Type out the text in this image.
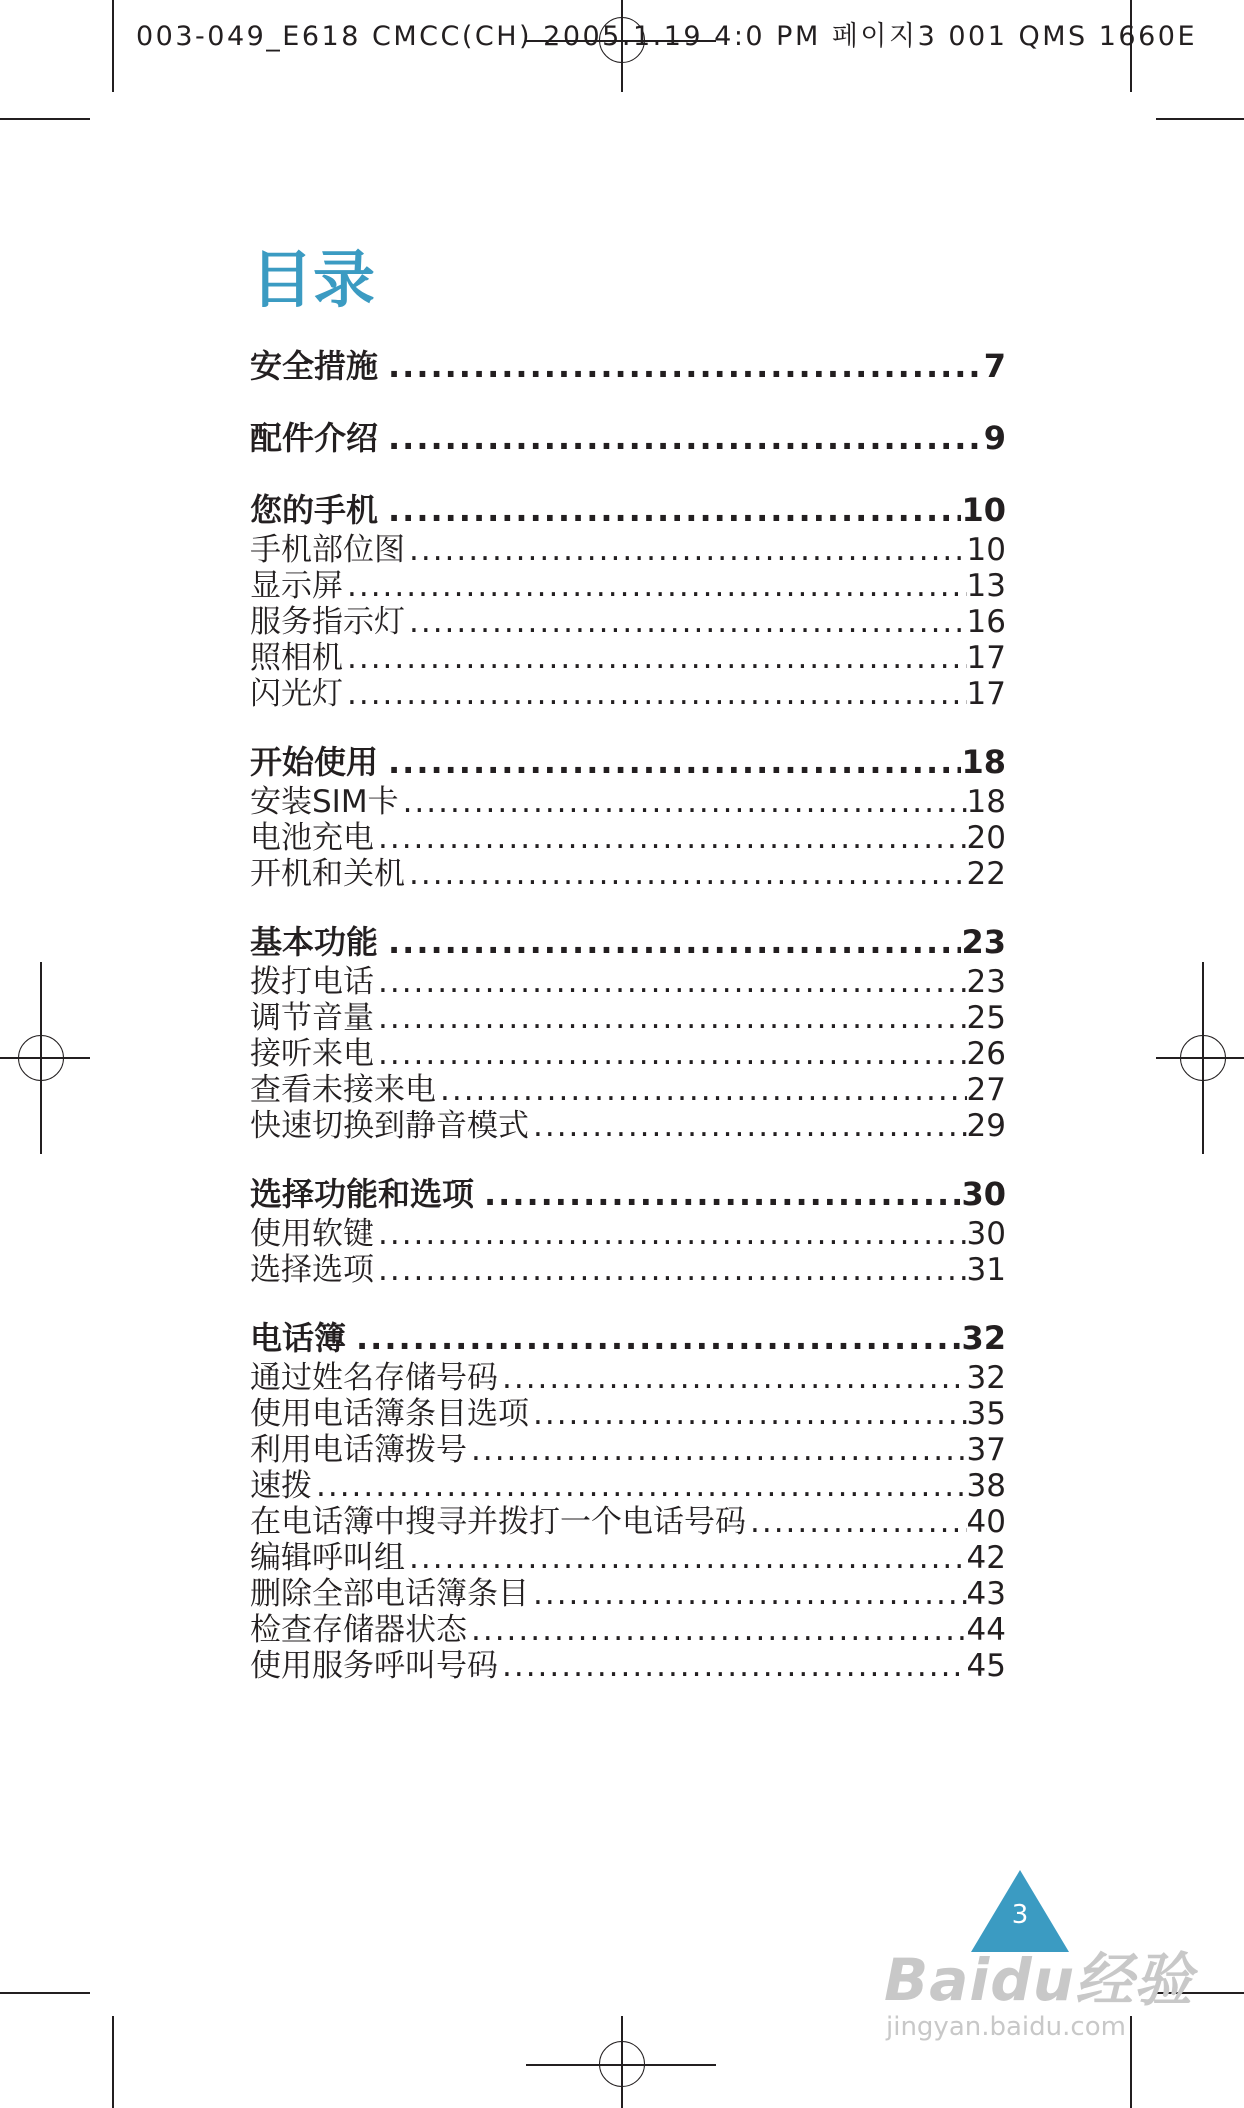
003-049_E618 CMCC(CH) 2005.1.19 4:0 PM 페이지3 001 QMS 1660E
目录
安全措施 .....	7
配件介绍 .....	9
您的手机 .....	10
手机部位图 .....	10
显示屏 .....	13
服务指示灯 .....	16
照相机 .....	17
闪光灯 .....	17
开始使用 .....	18
安装SIM卡 .....	18
电池充电 .....	20
开机和关机 .....	22
基本功能 .....	23
拨打电话 .....	23
调节音量 .....	25
接听来电 .....	26
查看未接来电 .....	27
快速切换到静音模式 .....	29
选择功能和选项 .....	30
使用软键 .....	30
选择选项 .....	31
电话簿 .....	32
通过姓名存储号码 .....	32
使用电话簿条目选项 .....	35
利用电话簿拨号 .....	37
速拨 .....	38
在电话簿中搜寻并拨打一个电话号码 .....	40
编辑呼叫组 .....	42
删除全部电话簿条目 .....	43
检查存储器状态 .....	44
使用服务呼叫号码 .....	45
3
Baidu经验
jingyan.baidu.com
